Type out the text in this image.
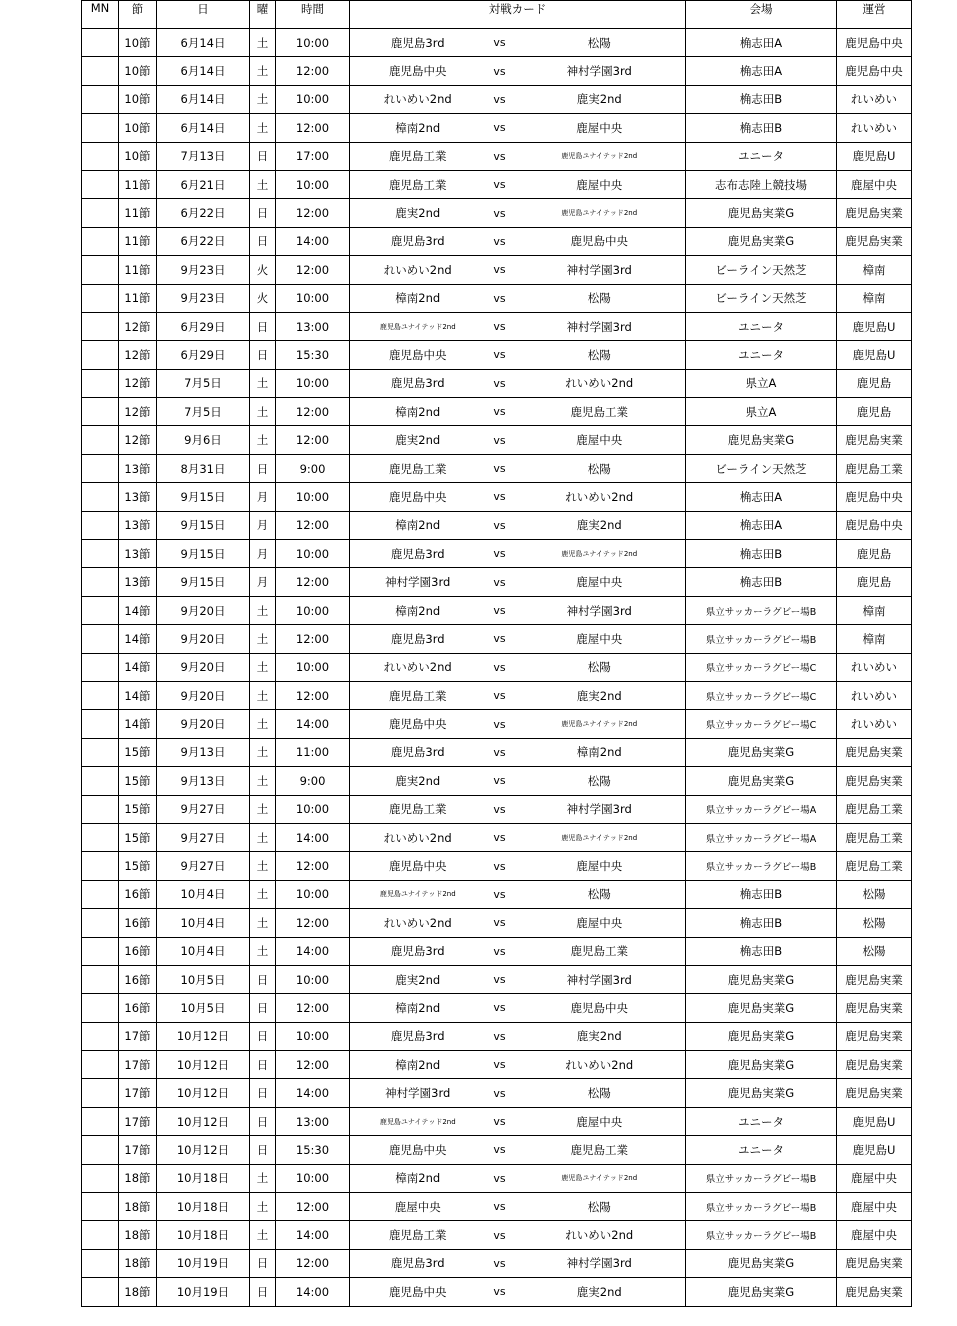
MN	節	日	曜	時間	対戦カード			会場	運営
	10節	6月14日	土	10:00	鹿児島3rd	vs	松陽	桷志田A	鹿児島中央
	10節	6月14日	土	12:00	鹿児島中央	vs	神村学園3rd	桷志田A	鹿児島中央
	10節	6月14日	土	10:00	れいめい2nd	vs	鹿実2nd	桷志田B	れいめい
	10節	6月14日	土	12:00	樟南2nd	vs	鹿屋中央	桷志田B	れいめい
	10節	7月13日	日	17:00	鹿児島工業	vs	鹿児島ユナイテッド2nd	ユニータ	鹿児島U
	11節	6月21日	土	10:00	鹿児島工業	vs	鹿屋中央	志布志陸上競技場	鹿屋中央
	11節	6月22日	日	12:00	鹿実2nd	vs	鹿児島ユナイテッド2nd	鹿児島実業G	鹿児島実業
	11節	6月22日	日	14:00	鹿児島3rd	vs	鹿児島中央	鹿児島実業G	鹿児島実業
	11節	9月23日	火	12:00	れいめい2nd	vs	神村学園3rd	ビーライン天然芝	樟南
	11節	9月23日	火	10:00	樟南2nd	vs	松陽	ビーライン天然芝	樟南
	12節	6月29日	日	13:00	鹿児島ユナイテッド2nd	vs	神村学園3rd	ユニータ	鹿児島U
	12節	6月29日	日	15:30	鹿児島中央	vs	松陽	ユニータ	鹿児島U
	12節	7月5日	土	10:00	鹿児島3rd	vs	れいめい2nd	県立A	鹿児島
	12節	7月5日	土	12:00	樟南2nd	vs	鹿児島工業	県立A	鹿児島
	12節	9月6日	土	12:00	鹿実2nd	vs	鹿屋中央	鹿児島実業G	鹿児島実業
	13節	8月31日	日	9:00	鹿児島工業	vs	松陽	ビーライン天然芝	鹿児島工業
	13節	9月15日	月	10:00	鹿児島中央	vs	れいめい2nd	桷志田A	鹿児島中央
	13節	9月15日	月	12:00	樟南2nd	vs	鹿実2nd	桷志田A	鹿児島中央
	13節	9月15日	月	10:00	鹿児島3rd	vs	鹿児島ユナイテッド2nd	桷志田B	鹿児島
	13節	9月15日	月	12:00	神村学園3rd	vs	鹿屋中央	桷志田B	鹿児島
	14節	9月20日	土	10:00	樟南2nd	vs	神村学園3rd	県立サッカーラグビー場B	樟南
	14節	9月20日	土	12:00	鹿児島3rd	vs	鹿屋中央	県立サッカーラグビー場B	樟南
	14節	9月20日	土	10:00	れいめい2nd	vs	松陽	県立サッカーラグビー場C	れいめい
	14節	9月20日	土	12:00	鹿児島工業	vs	鹿実2nd	県立サッカーラグビー場C	れいめい
	14節	9月20日	土	14:00	鹿児島中央	vs	鹿児島ユナイテッド2nd	県立サッカーラグビー場C	れいめい
	15節	9月13日	土	11:00	鹿児島3rd	vs	樟南2nd	鹿児島実業G	鹿児島実業
	15節	9月13日	土	9:00	鹿実2nd	vs	松陽	鹿児島実業G	鹿児島実業
	15節	9月27日	土	10:00	鹿児島工業	vs	神村学園3rd	県立サッカーラグビー場A	鹿児島工業
	15節	9月27日	土	14:00	れいめい2nd	vs	鹿児島ユナイテッド2nd	県立サッカーラグビー場A	鹿児島工業
	15節	9月27日	土	12:00	鹿児島中央	vs	鹿屋中央	県立サッカーラグビー場B	鹿児島工業
	16節	10月4日	土	10:00	鹿児島ユナイテッド2nd	vs	松陽	桷志田B	松陽
	16節	10月4日	土	12:00	れいめい2nd	vs	鹿屋中央	桷志田B	松陽
	16節	10月4日	土	14:00	鹿児島3rd	vs	鹿児島工業	桷志田B	松陽
	16節	10月5日	日	10:00	鹿実2nd	vs	神村学園3rd	鹿児島実業G	鹿児島実業
	16節	10月5日	日	12:00	樟南2nd	vs	鹿児島中央	鹿児島実業G	鹿児島実業
	17節	10月12日	日	10:00	鹿児島3rd	vs	鹿実2nd	鹿児島実業G	鹿児島実業
	17節	10月12日	日	12:00	樟南2nd	vs	れいめい2nd	鹿児島実業G	鹿児島実業
	17節	10月12日	日	14:00	神村学園3rd	vs	松陽	鹿児島実業G	鹿児島実業
	17節	10月12日	日	13:00	鹿児島ユナイテッド2nd	vs	鹿屋中央	ユニータ	鹿児島U
	17節	10月12日	日	15:30	鹿児島中央	vs	鹿児島工業	ユニータ	鹿児島U
	18節	10月18日	土	10:00	樟南2nd	vs	鹿児島ユナイテッド2nd	県立サッカーラグビー場B	鹿屋中央
	18節	10月18日	土	12:00	鹿屋中央	vs	松陽	県立サッカーラグビー場B	鹿屋中央
	18節	10月18日	土	14:00	鹿児島工業	vs	れいめい2nd	県立サッカーラグビー場B	鹿屋中央
	18節	10月19日	日	12:00	鹿児島3rd	vs	神村学園3rd	鹿児島実業G	鹿児島実業
	18節	10月19日	日	14:00	鹿児島中央	vs	鹿実2nd	鹿児島実業G	鹿児島実業
